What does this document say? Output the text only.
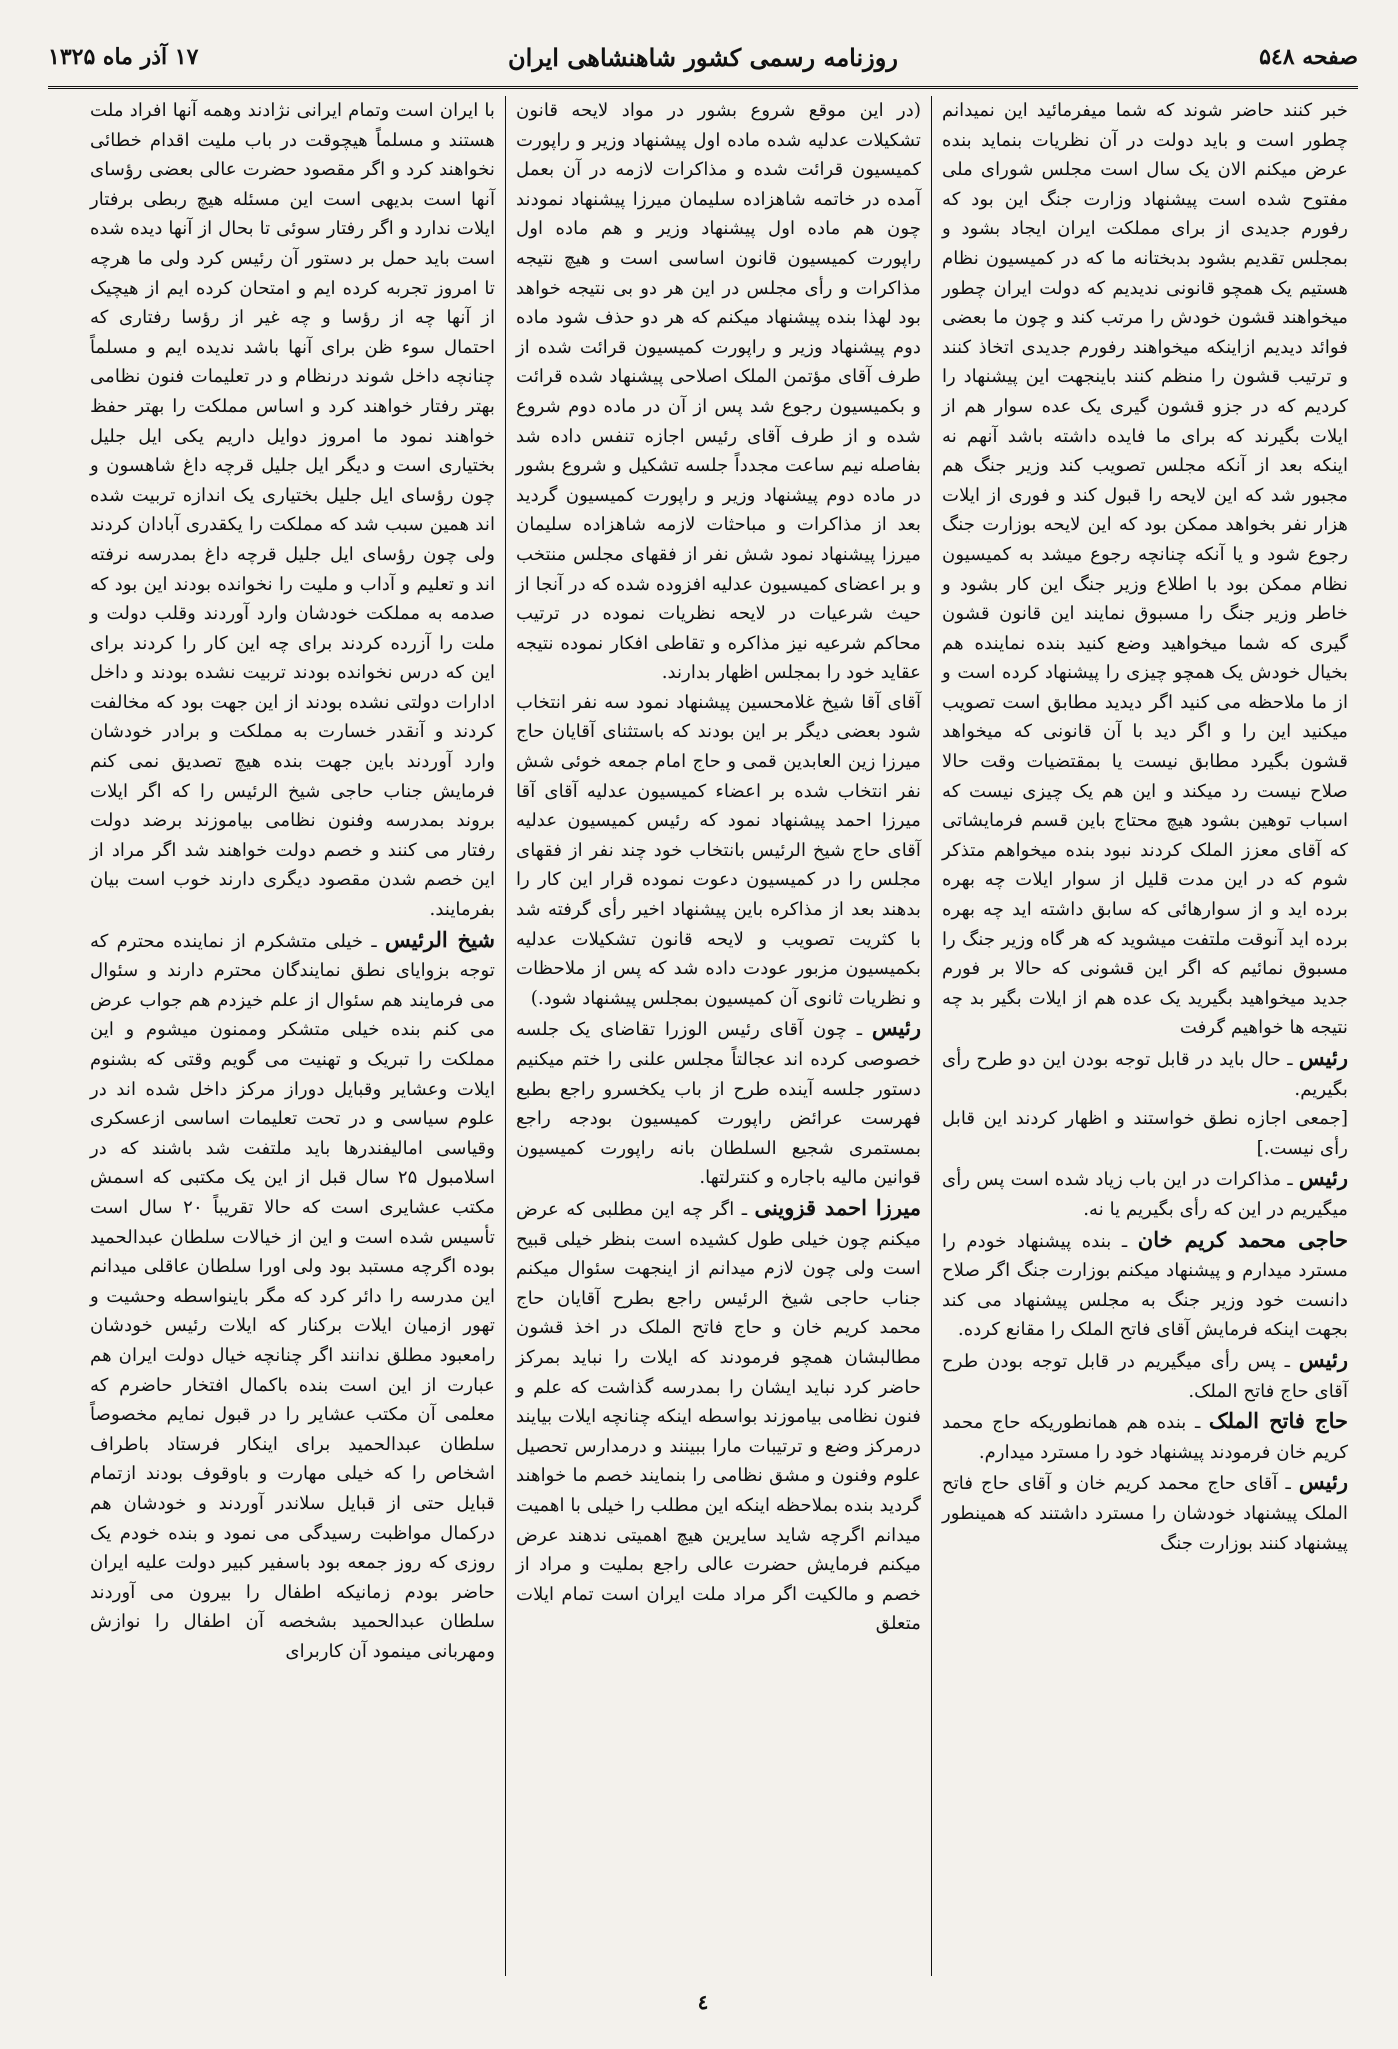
صفحه ۵٤۸
روزنامه رسمی کشور شاهنشاهی ایران
۱۷ آذر ماه ۱۳۲۵

خبر کنند حاضر شوند که شما میفرمائید این نمیدانم چطور است و باید دولت در آن نظریات بنماید بنده عرض میکنم الان یک سال است مجلس شورای ملی مفتوح شده است پیشنهاد وزارت جنگ این بود که رفورم جدیدی از برای مملکت ایران ایجاد بشود و بمجلس تقدیم بشود بدبختانه ما که در کمیسیون نظام هستیم یک همچو قانونی ندیدیم که دولت ایران چطور میخواهند قشون خودش را مرتب کند و چون ما بعضی فوائد دیدیم ازاینکه میخواهند رفورم جدیدی اتخاذ کنند و ترتیب قشون را منظم کنند باینجهت این پیشنهاد را کردیم که در جزو قشون گیری یک عده سوار هم از ایلات بگیرند که برای ما فایده داشته باشد آنهم نه اینکه بعد از آنکه مجلس تصویب کند وزیر جنگ هم مجبور شد که این لایحه را قبول کند و فوری از ایلات هزار نفر بخواهد ممکن بود که این لایحه بوزارت جنگ رجوع شود و یا آنکه چنانچه رجوع میشد به کمیسیون نظام ممکن بود با اطلاع وزیر جنگ این کار بشود و خاطر وزیر جنگ را مسبوق نمایند این قانون قشون گیری که شما میخواهید وضع کنید بنده نماینده هم بخیال خودش یک همچو چیزی را پیشنهاد کرده است و از ما ملاحظه می کنید اگر دیدید مطابق است تصویب میکنید این را و اگر دید با آن قانونی که میخواهد قشون بگیرد مطابق نیست یا بمقتضیات وقت حالا صلاح نیست رد میکند و این هم یک چیزی نیست که اسباب توهین بشود هیچ محتاج باین قسم فرمایشاتی که آقای معزز الملک کردند نبود بنده میخواهم متذکر شوم که در این مدت قلیل از سوار ایلات چه بهره برده اید و از سوارهائی که سابق داشته اید چه بهره برده اید آنوقت ملتفت میشوید که هر گاه وزیر جنگ را مسبوق نمائیم که اگر این قشونی که حالا بر فورم جدید میخواهید بگیرید یک عده هم از ایلات بگیر بد چه نتیجه ها خواهیم گرفت

رئیس ـ حال باید در قابل توجه بودن این دو طرح رأی بگیریم.

[جمعی اجازه نطق خواستند و اظهار کردند این قابل رأی نیست.]

رئیس ـ مذاکرات در این باب زیاد شده است پس رأی میگیریم در این که رأی بگیریم یا نه.

حاجی محمد کریم خان ـ بنده پیشنهاد خودم را مسترد میدارم و پیشنهاد میکنم بوزارت جنگ اگر صلاح دانست خود وزیر جنگ به مجلس پیشنهاد می کند بجهت اینکه فرمایش آقای فاتح الملک را مقانع کرده.

رئیس ـ پس رأی میگیریم در قابل توجه بودن طرح آقای حاج فاتح الملک.

حاج فاتح الملک ـ بنده هم همانطوریکه حاج محمد کریم خان فرمودند پیشنهاد خود را مسترد میدارم.

رئیس ـ آقای حاج محمد کریم خان و آقای حاج فاتح الملک پیشنهاد خودشان را مسترد داشتند که همینطور پیشنهاد کنند بوزارت جنگ

(در این موقع شروع بشور در مواد لایحه قانون تشکیلات عدلیه شده ماده اول پیشنهاد وزیر و راپورت کمیسیون قرائت شده و مذاکرات لازمه در آن بعمل آمده در خاتمه شاهزاده سلیمان میرزا پیشنهاد نمودند چون هم ماده اول پیشنهاد وزیر و هم ماده اول راپورت کمیسیون قانون اساسی است و هیچ نتیجه مذاکرات و رأی مجلس در این هر دو بی نتیجه خواهد بود لهذا بنده پیشنهاد میکنم که هر دو حذف شود ماده دوم پیشنهاد وزیر و راپورت کمیسیون قرائت شده از طرف آقای مؤتمن الملک اصلاحی پیشنهاد شده قرائت و بکمیسیون رجوع شد پس از آن در ماده دوم شروع شده و از طرف آقای رئیس اجازه تنفس داده شد بفاصله نیم ساعت مجدداً جلسه تشکیل و شروع بشور در ماده دوم پیشنهاد وزیر و راپورت کمیسیون گردید بعد از مذاکرات و مباحثات لازمه شاهزاده سلیمان میرزا پیشنهاد نمود شش نفر از فقهای مجلس منتخب و بر اعضای کمیسیون عدلیه افزوده شده که در آنجا از حیث شرعیات در لایحه نظریات نموده در ترتیب محاکم شرعیه نیز مذاکره و تقاطی افکار نموده نتیجه عقاید خود را بمجلس اظهار بدارند.

آقای آقا شیخ غلامحسین پیشنهاد نمود سه نفر انتخاب شود بعضی دیگر بر این بودند که باستثنای آقایان حاج میرزا زین العابدین قمی و حاج امام جمعه خوئی شش نفر انتخاب شده بر اعضاء کمیسیون عدلیه آقای آقا میرزا احمد پیشنهاد نمود که رئیس کمیسیون عدلیه آقای حاج شیخ الرئیس بانتخاب خود چند نفر از فقهای مجلس را در کمیسیون دعوت نموده قرار این کار را بدهند بعد از مذاکره باین پیشنهاد اخیر رأی گرفته شد با کثریت تصویب و لایحه قانون تشکیلات عدلیه بکمیسیون مزبور عودت داده شد که پس از ملاحظات و نظریات ثانوی آن کمیسیون بمجلس پیشنهاد شود.)

رئیس ـ چون آقای رئیس الوزرا تقاضای یک جلسه خصوصی کرده اند عجالتاً مجلس علنی را ختم میکنیم دستور جلسه آینده طرح از باب یکخسرو راجع بطبع فهرست عرائض راپورت کمیسیون بودجه راجع بمستمری شجیع السلطان بانه راپورت کمیسیون قوانین مالیه باجاره و کنترلتها.

میرزا احمد قزوینی ـ اگر چه این مطلبی که عرض میکنم چون خیلی طول کشیده است بنظر خیلی قبیح است ولی چون لازم میدانم از اینجهت سئوال میکنم جناب حاجی شیخ الرئیس راجع بطرح آقایان حاج محمد کریم خان و حاج فاتح الملک در اخذ قشون مطالبشان همچو فرمودند که ایلات را نباید بمرکز حاضر کرد نباید ایشان را بمدرسه گذاشت که علم و فنون نظامی بیاموزند بواسطه اینکه چنانچه ایلات بیایند درمرکز وضع و ترتیبات مارا ببینند و درمدارس تحصیل علوم وفنون و مشق نظامی را بنمایند خصم ما خواهند گردید بنده بملاحظه اینکه این مطلب را خیلی با اهمیت میدانم اگرچه شاید سایرین هیچ اهمیتی ندهند عرض میکنم فرمایش حضرت عالی راجع بملیت و مراد از خصم و مالکیت اگر مراد ملت ایران است تمام ایلات متعلق

با ایران است وتمام ایرانی نژادند وهمه آنها افراد ملت هستند و مسلماً هیچوقت در باب ملیت اقدام خطائی نخواهند کرد و اگر مقصود حضرت عالی بعضی رؤسای آنها است بدیهی است این مسئله هیچ ربطی برفتار ایلات ندارد و اگر رفتار سوئی تا بحال از آنها دیده شده است باید حمل بر دستور آن رئیس کرد ولی ما هرچه تا امروز تجربه کرده ایم و امتحان کرده ایم از هیچیک از آنها چه از رؤسا و چه غیر از رؤسا رفتاری که احتمال سوء ظن برای آنها باشد ندیده ایم و مسلماً چنانچه داخل شوند درنظام و در تعلیمات فنون نظامی بهتر رفتار خواهند کرد و اساس مملکت را بهتر حفظ خواهند نمود ما امروز دوایل داریم یکی ایل جلیل بختیاری است و دیگر ایل جلیل قرچه داغ شاهسون و چون رؤسای ایل جلیل بختیاری یک اندازه تربیت شده اند همین سبب شد که مملکت را یکقدری آبادان کردند ولی چون رؤسای ایل جلیل قرچه داغ بمدرسه نرفته اند و تعلیم و آداب و ملیت را نخوانده بودند این بود که صدمه به مملکت خودشان وارد آوردند وقلب دولت و ملت را آزرده کردند برای چه این کار را کردند برای این که درس نخوانده بودند تربیت نشده بودند و داخل ادارات دولتی نشده بودند از این جهت بود که مخالفت کردند و آنقدر خسارت به مملکت و برادر خودشان وارد آوردند باین جهت بنده هیچ تصدیق نمی کنم فرمایش جناب حاجی شیخ الرئیس را که اگر ایلات بروند بمدرسه وفنون نظامی بیاموزند برضد دولت رفتار می کنند و خصم دولت خواهند شد اگر مراد از این خصم شدن مقصود دیگری دارند خوب است بیان بفرمایند.

شیخ الرئیس ـ خیلی متشکرم از نماینده محترم که توجه بزوایای نطق نمایندگان محترم دارند و سئوال می فرمایند هم سئوال از علم خیزدم هم جواب عرض می کنم بنده خیلی متشکر وممنون میشوم و این مملکت را تبریک و تهنیت می گویم وقتی که بشنوم ایلات وعشایر وقبایل دوراز مرکز داخل شده اند در علوم سیاسی و در تحت تعلیمات اساسی ازعسکری وقیاسی امالیفندرها باید ملتفت شد باشند که در اسلامبول ۲۵ سال قبل از این یک مکتبی که اسمش مکتب عشایری است که حالا تقریباً ۲۰ سال است تأسیس شده است و این از خیالات سلطان عبدالحمید بوده اگرچه مستبد بود ولی اورا سلطان عاقلی میدانم این مدرسه را دائر کرد که مگر باینواسطه وحشیت و تهور ازمیان ایلات برکنار که ایلات رئیس خودشان رامعبود مطلق ندانند اگر چنانچه خیال دولت ایران هم عبارت از این است بنده باکمال افتخار حاضرم که معلمی آن مکتب عشایر را در قبول نمایم مخصوصاً سلطان عبدالحمید برای اینکار فرستاد باطراف اشخاص را که خیلی مهارت و باوقوف بودند ازتمام قبایل حتی از قبایل سلاندر آوردند و خودشان هم درکمال مواظبت رسیدگی می نمود و بنده خودم یک روزی که روز جمعه بود باسفیر کبیر دولت علیه ایران حاضر بودم زمانیکه اطفال را بیرون می آوردند سلطان عبدالحمید بشخصه آن اطفال را نوازش ومهربانی مینمود آن کاربرای

٤
